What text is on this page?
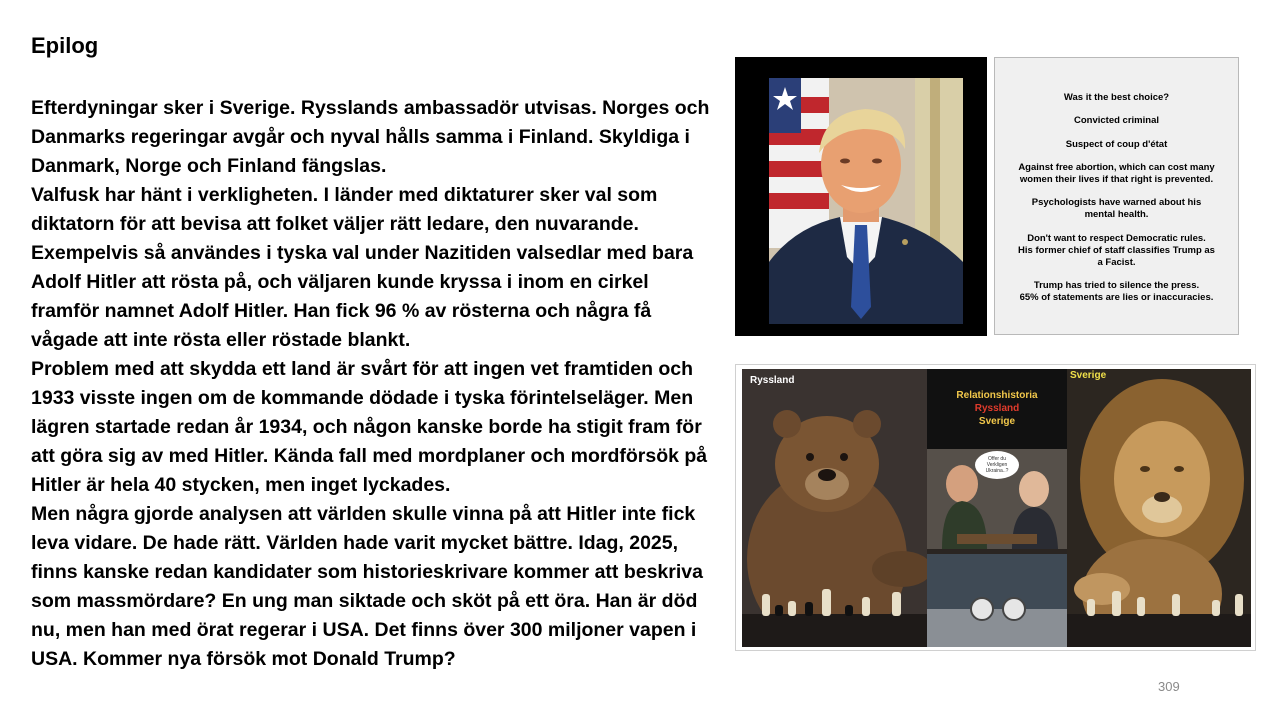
Epilog

Efterdyningar sker i Sverige. Rysslands ambassadör utvisas. Norges och Danmarks regeringar avgår och nyval hålls samma i Finland. Skyldiga i Danmark, Norge och Finland fängslas.

Valfusk har hänt i verkligheten. I länder med diktaturer sker val som diktatorn för att bevisa att folket väljer rätt ledare, den nuvarande. Exempelvis så användes i tyska val under Nazitiden valsedlar med bara Adolf Hitler att rösta på, och väljaren kunde kryssa i inom en cirkel framför namnet Adolf Hitler. Han fick 96 % av rösterna och några få vågade att inte rösta eller röstade blankt.

Problem med att skydda ett land är svårt för att ingen vet framtiden och 1933 visste ingen om de kommande dödade i tyska förintelseläger. Men lägren startade redan år 1934, och någon kanske borde ha stigit fram för att göra sig av med Hitler. Kända fall med mordplaner och mordförsök på Hitler är hela 40 stycken, men inget lyckades.

Men några gjorde analysen att världen skulle vinna på att Hitler inte fick leva vidare. De hade rätt. Världen hade varit mycket bättre. Idag, 2025, finns kanske redan kandidater som historieskrivare kommer att beskriva som massmördare? En ung man siktade och sköt på ett öra. Han är död nu, men han med örat regerar i USA. Det finns över 300 miljoner vapen i USA. Kommer nya försök mot Donald Trump?

Was it the best choice?
Convicted criminal
Suspect of coup d'état
Against free abortion, which can cost many
women their lives if that right is prevented.
Psychologists have warned about his
mental health.
Don't want to respect Democratic rules.
His former chief of staff classifies Trump as
a Facist.
Trump has tried to silence the press.
65% of statements are lies or inaccuracies.
Ryssland	Sverige
Relationshistoria
Ryssland
Sverige
Offer du
Verkligen
Ukraina..?
309
